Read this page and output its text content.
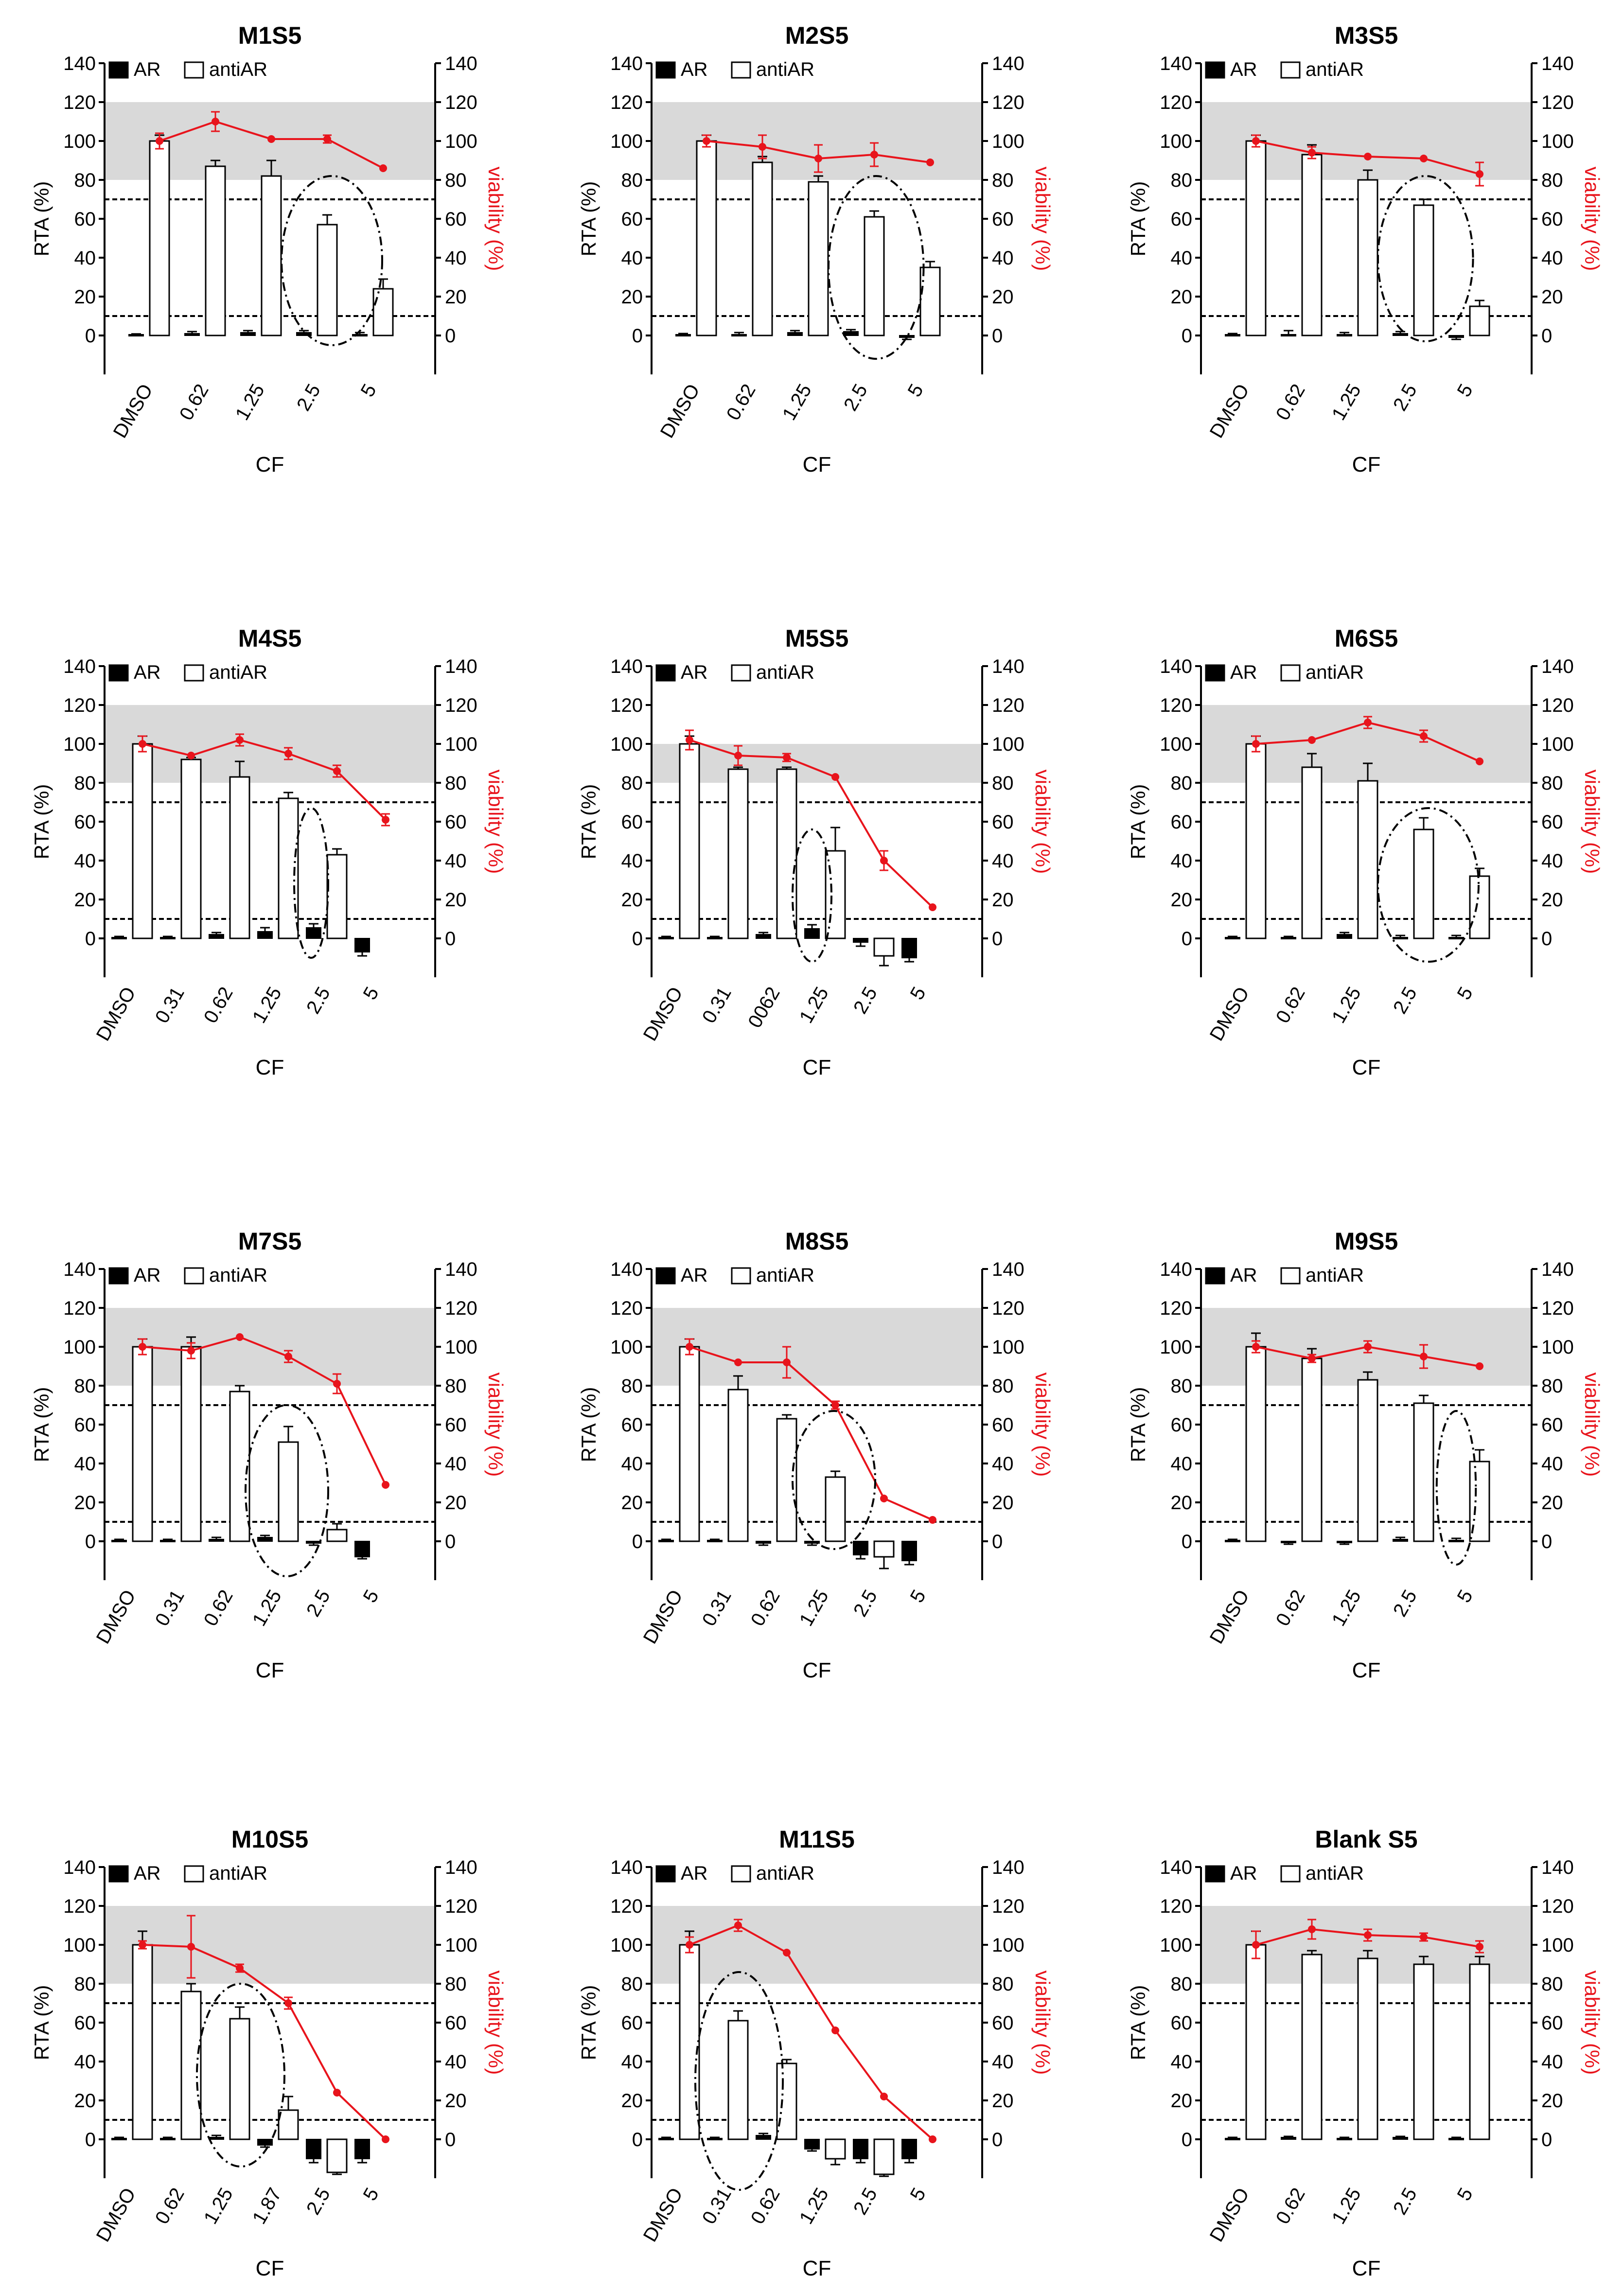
0	0
20	20
40	40
60	60
80	80
100	100
120	120
140	140
M1S5
AR antiAR
RTA (%)	viability (%)
DMSO 0.62 1.25 2.5 5
CF
0	0
20	20
40	40
60	60
80	80
100	100
120	120
140	140
M2S5
AR antiAR
RTA (%)	viability (%)
DMSO 0.62 1.25 2.5 5
CF
0	0
20	20
40	40
60	60
80	80
100	100
120	120
140	140
M3S5
AR antiAR
RTA (%)	viability (%)
DMSO 0.62 1.25 2.5 5
CF
0	0
20	20
40	40
60	60
80	80
100	100
120	120
140	140
M4S5
AR antiAR
RTA (%)	viability (%)
DMSO 0.31 0.62 1.25 2.5 5
CF
0	0
20	20
40	40
60	60
80	80
100	100
120	120
140	140
M5S5
AR antiAR
RTA (%)	viability (%)
DMSO 0.31 0062 1.25 2.5 5
CF
0	0
20	20
40	40
60	60
80	80
100	100
120	120
140	140
M6S5
AR antiAR
RTA (%)	viability (%)
DMSO 0.62 1.25 2.5 5
CF
0	0
20	20
40	40
60	60
80	80
100	100
120	120
140	140
M7S5
AR antiAR
RTA (%)	viability (%)
DMSO 0.31 0.62 1.25 2.5 5
CF
0	0
20	20
40	40
60	60
80	80
100	100
120	120
140	140
M8S5
AR antiAR
RTA (%)	viability (%)
DMSO 0.31 0.62 1.25 2.5 5
CF
0	0
20	20
40	40
60	60
80	80
100	100
120	120
140	140
M9S5
AR antiAR
RTA (%)	viability (%)
DMSO 0.62 1.25 2.5 5
CF
0	0
20	20
40	40
60	60
80	80
100	100
120	120
140	140
M10S5
AR antiAR
RTA (%)	viability (%)
DMSO 0.62 1.25 1.87 2.5 5
CF
0	0
20	20
40	40
60	60
80	80
100	100
120	120
140	140
M11S5
AR antiAR
RTA (%)	viability (%)
DMSO 0.31 0.62 1.25 2.5 5
CF
0	0
20	20
40	40
60	60
80	80
100	100
120	120
140	140
Blank S5
AR antiAR
RTA (%)	viability (%)
DMSO 0.62 1.25 2.5 5
CF
